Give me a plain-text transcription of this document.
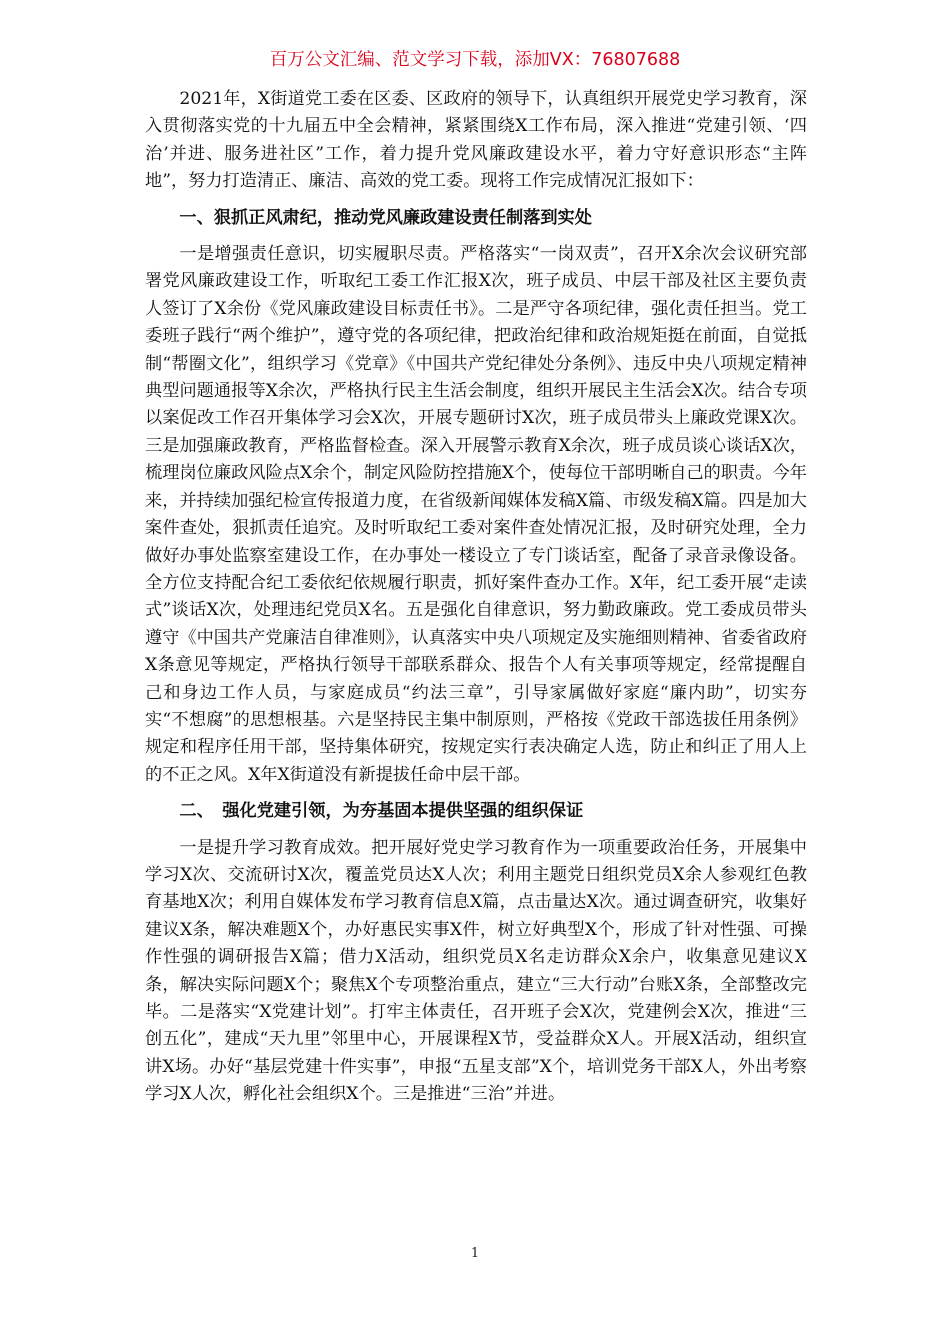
百万公文汇编、范文学习下载，添加VX：76807688

2021年，X街道党工委在区委、区政府的领导下，认真组织开展党史学习教育，深入贯彻落实党的十九届五中全会精神，紧紧围绕X工作布局，深入推进“党建引领、‘四治’并进、服务进社区”工作，着力提升党风廉政建设水平，着力守好意识形态“主阵地”，努力打造清正、廉洁、高效的党工委。现将工作完成情况汇报如下：

一、狠抓正风肃纪，推动党风廉政建设责任制落到实处

一是增强责任意识，切实履职尽责。严格落实“一岗双责”，召开X余次会议研究部署党风廉政建设工作，听取纪工委工作汇报X次，班子成员、中层干部及社区主要负责人签订了X余份《党风廉政建设目标责任书》。二是严守各项纪律，强化责任担当。党工委班子践行“两个维护”，遵守党的各项纪律，把政治纪律和政治规矩挺在前面，自觉抵制“帮圈文化”，组织学习《党章》《中国共产党纪律处分条例》、违反中央八项规定精神典型问题通报等X余次，严格执行民主生活会制度，组织开展民主生活会X次。结合专项以案促改工作召开集体学习会X次，开展专题研讨X次，班子成员带头上廉政党课X次。三是加强廉政教育，严格监督检查。深入开展警示教育X余次，班子成员谈心谈话X次，梳理岗位廉政风险点X余个，制定风险防控措施X个，使每位干部明晰自己的职责。今年来，并持续加强纪检宣传报道力度，在省级新闻媒体发稿X篇、市级发稿X篇。四是加大案件查处，狠抓责任追究。及时听取纪工委对案件查处情况汇报，及时研究处理，全力做好办事处监察室建设工作，在办事处一楼设立了专门谈话室，配备了录音录像设备。全方位支持配合纪工委依纪依规履行职责，抓好案件查办工作。X年，纪工委开展“走读式”谈话X次，处理违纪党员X名。五是强化自律意识，努力勤政廉政。党工委成员带头遵守《中国共产党廉洁自律准则》，认真落实中央八项规定及实施细则精神、省委省政府X条意见等规定，严格执行领导干部联系群众、报告个人有关事项等规定，经常提醒自己和身边工作人员，与家庭成员“约法三章”，引导家属做好家庭“廉内助”，切实夯实“不想腐”的思想根基。六是坚持民主集中制原则，严格按《党政干部选拔任用条例》规定和程序任用干部，坚持集体研究，按规定实行表决确定人选，防止和纠正了用人上的不正之风。X年X街道没有新提拔任命中层干部。

二、　强化党建引领，为夯基固本提供坚强的组织保证

一是提升学习教育成效。把开展好党史学习教育作为一项重要政治任务，开展集中学习X次、交流研讨X次，覆盖党员达X人次；利用主题党日组织党员X余人参观红色教育基地X次；利用自媒体发布学习教育信息X篇，点击量达X次。通过调查研究，收集好建议X条，解决难题X个，办好惠民实事X件，树立好典型X个，形成了针对性强、可操作性强的调研报告X篇；借力X活动，组织党员X名走访群众X余户，收集意见建议X条，解决实际问题X个；聚焦X个专项整治重点，建立“三大行动”台账X条，全部整改完毕。二是落实“X党建计划”。打牢主体责任，召开班子会X次，党建例会X次，推进“三创五化”，建成“天九里”邻里中心，开展课程X节，受益群众X人。开展X活动，组织宣讲X场。办好“基层党建十件实事”，申报“五星支部”X个，培训党务干部X人，外出考察学习X人次，孵化社会组织X个。三是推进“三治”并进。

1
